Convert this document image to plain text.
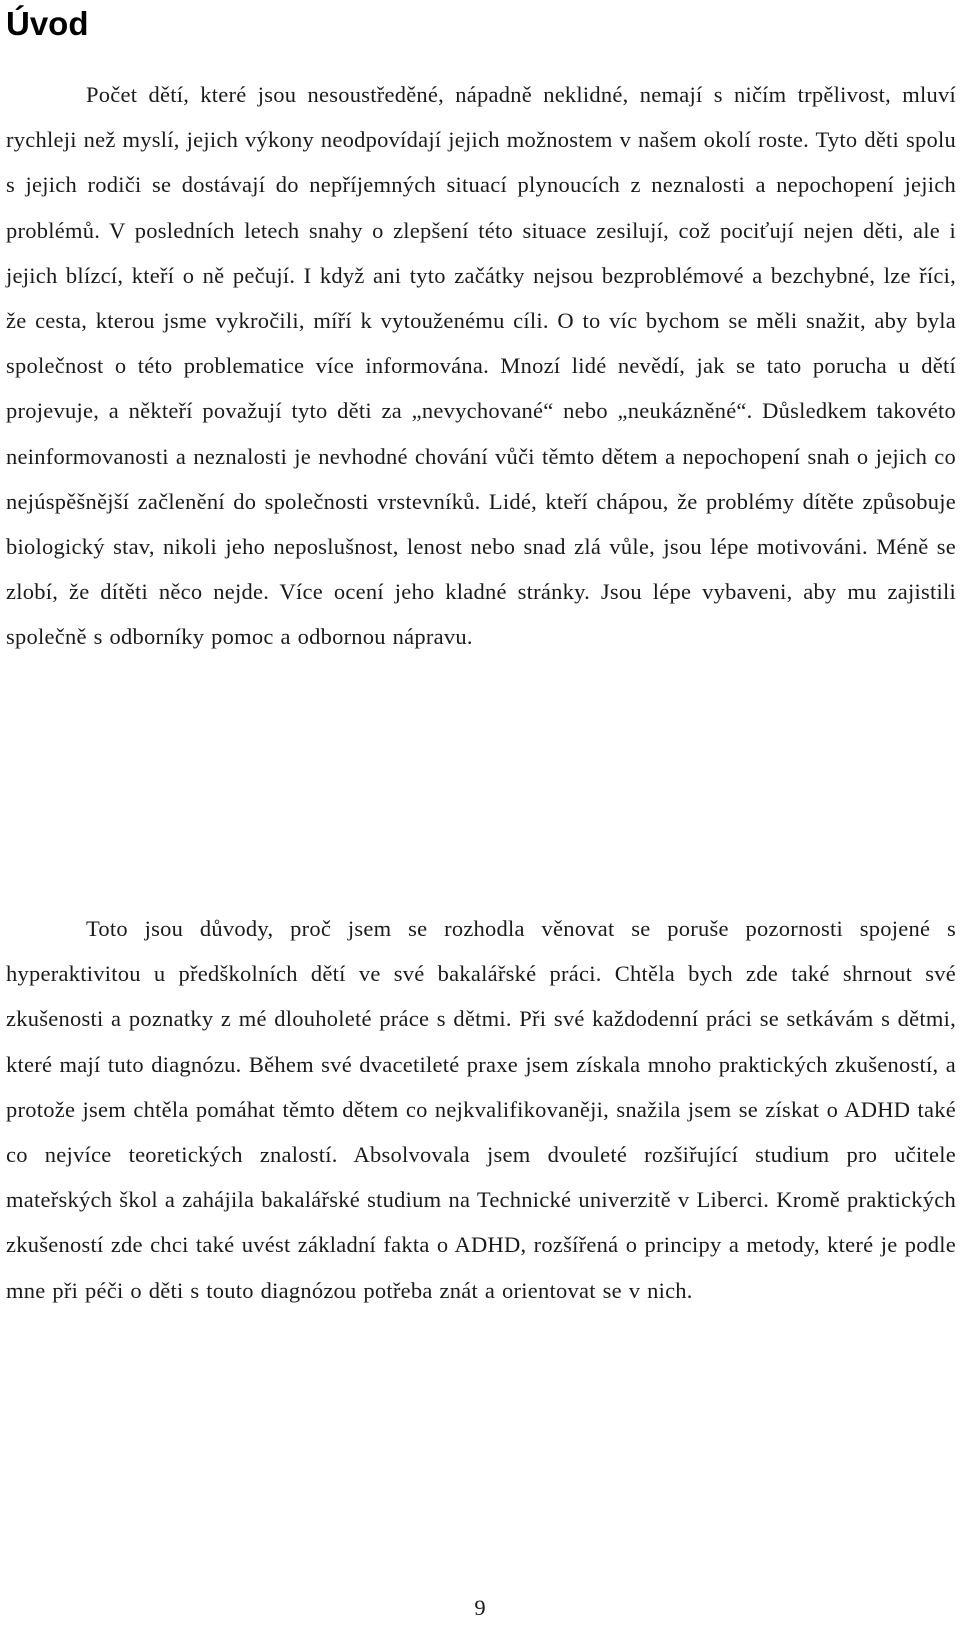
Úvod

Počet dětí, které jsou nesoustředěné, nápadně neklidné, nemají s ničím trpělivost, mluví rychleji než myslí, jejich výkony neodpovídají jejich možnostem v našem okolí roste. Tyto děti spolu s jejich rodiči se dostávají do nepříjemných situací plynoucích z neznalosti a nepochopení jejich problémů. V posledních letech snahy o zlepšení této situace zesilují, což pociťují nejen děti, ale i jejich blízcí, kteří o ně pečují. I když ani tyto začátky nejsou bezproblémové a bezchybné, lze říci, že cesta, kterou jsme vykročili, míří k vytouženému cíli. O to víc bychom se měli snažit, aby byla společnost o této problematice více informována. Mnozí lidé nevědí, jak se tato porucha u dětí projevuje, a někteří považují tyto děti za „nevychované“ nebo „neukázněné“. Důsledkem takovéto neinformovanosti a neznalosti je nevhodné chování vůči těmto dětem a nepochopení snah o jejich co nejúspěšnější začlenění do společnosti vrstevníků. Lidé, kteří chápou, že problémy dítěte způsobuje biologický stav, nikoli jeho neposlušnost, lenost nebo snad zlá vůle, jsou lépe motivováni. Méně se zlobí, že dítěti něco nejde. Více ocení jeho kladné stránky. Jsou lépe vybaveni, aby mu zajistili společně s odborníky pomoc a odbornou nápravu.

Toto jsou důvody, proč jsem se rozhodla věnovat se poruše pozornosti spojené s hyperaktivitou u předškolních dětí ve své bakalářské práci. Chtěla bych zde také shrnout své zkušenosti a poznatky z mé dlouholeté práce s dětmi. Při své každodenní práci se setkávám s dětmi, které mají tuto diagnózu. Během své dvacetileté praxe jsem získala mnoho praktických zkušeností, a protože jsem chtěla pomáhat těmto dětem co nejkvalifikovaněji, snažila jsem se získat o ADHD také co nejvíce teoretických znalostí. Absolvovala jsem dvouleté rozšiřující studium pro učitele mateřských škol a zahájila bakalářské studium na Technické univerzitě v Liberci. Kromě praktických zkušeností zde chci také uvést základní fakta o ADHD, rozšířená o principy a metody, které je podle mne při péči o děti s touto diagnózou potřeba znát a orientovat se v nich.

9
